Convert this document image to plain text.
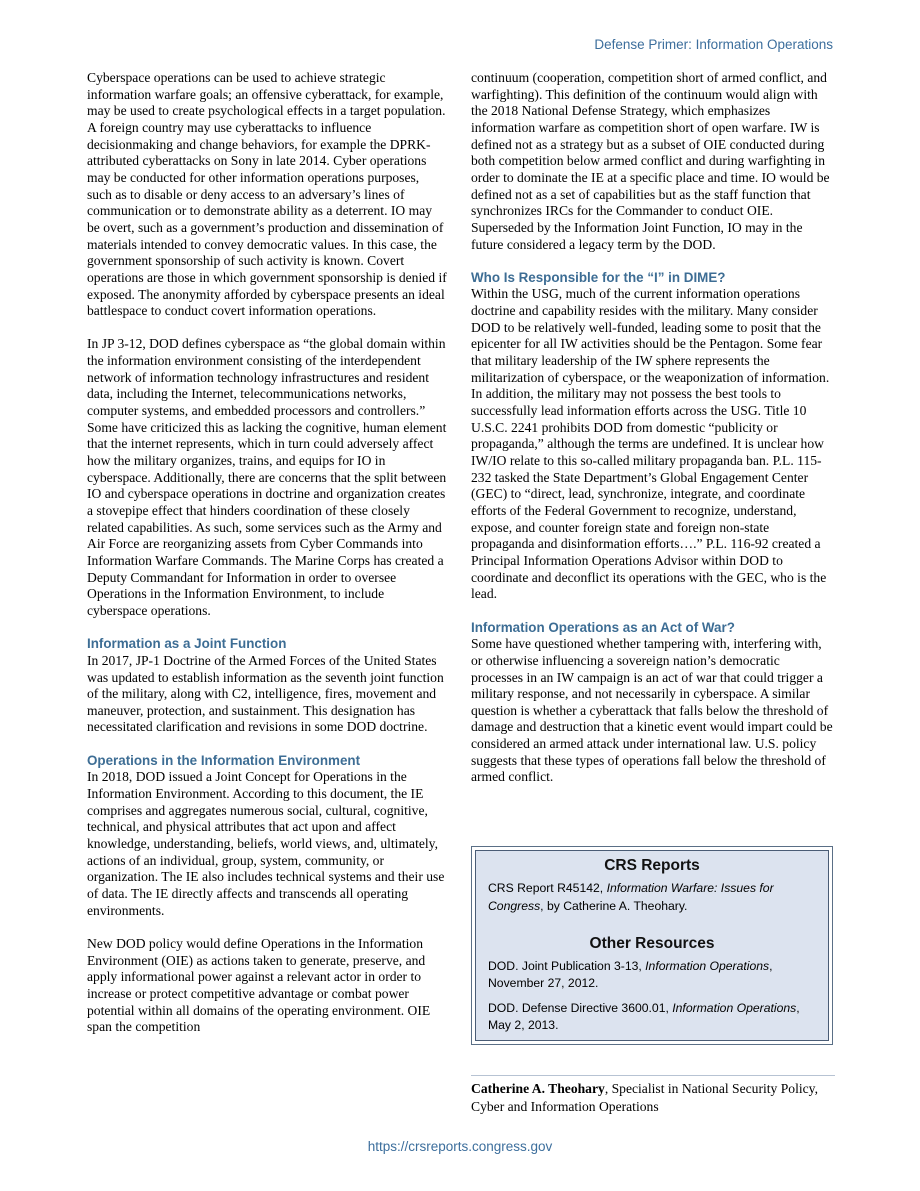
Defense Primer: Information Operations

Cyberspace operations can be used to achieve strategic information warfare goals; an offensive cyberattack, for example, may be used to create psychological effects in a target population. A foreign country may use cyberattacks to influence decisionmaking and change behaviors, for example the DPRK-attributed cyberattacks on Sony in late 2014. Cyber operations may be conducted for other information operations purposes, such as to disable or deny access to an adversary’s lines of communication or to demonstrate ability as a deterrent. IO may be overt, such as a government’s production and dissemination of materials intended to convey democratic values. In this case, the government sponsorship of such activity is known. Covert operations are those in which government sponsorship is denied if exposed. The anonymity afforded by cyberspace presents an ideal battlespace to conduct covert information operations.

In JP 3-12, DOD defines cyberspace as “the global domain within the information environment consisting of the interdependent network of information technology infrastructures and resident data, including the Internet, telecommunications networks, computer systems, and embedded processors and controllers.” Some have criticized this as lacking the cognitive, human element that the internet represents, which in turn could adversely affect how the military organizes, trains, and equips for IO in cyberspace. Additionally, there are concerns that the split between IO and cyberspace operations in doctrine and organization creates a stovepipe effect that hinders coordination of these closely related capabilities. As such, some services such as the Army and Air Force are reorganizing assets from Cyber Commands into Information Warfare Commands. The Marine Corps has created a Deputy Commandant for Information in order to oversee Operations in the Information Environment, to include cyberspace operations.

Information as a Joint Function

In 2017, JP-1 Doctrine of the Armed Forces of the United States was updated to establish information as the seventh joint function of the military, along with C2, intelligence, fires, movement and maneuver, protection, and sustainment. This designation has necessitated clarification and revisions in some DOD doctrine.

Operations in the Information Environment

In 2018, DOD issued a Joint Concept for Operations in the Information Environment. According to this document, the IE comprises and aggregates numerous social, cultural, cognitive, technical, and physical attributes that act upon and affect knowledge, understanding, beliefs, world views, and, ultimately, actions of an individual, group, system, community, or organization. The IE also includes technical systems and their use of data. The IE directly affects and transcends all operating environments.

New DOD policy would define Operations in the Information Environment (OIE) as actions taken to generate, preserve, and apply informational power against a relevant actor in order to increase or protect competitive advantage or combat power potential within all domains of the operating environment. OIE span the competition

continuum (cooperation, competition short of armed conflict, and warfighting). This definition of the continuum would align with the 2018 National Defense Strategy, which emphasizes information warfare as competition short of open warfare. IW is defined not as a strategy but as a subset of OIE conducted during both competition below armed conflict and during warfighting in order to dominate the IE at a specific place and time. IO would be defined not as a set of capabilities but as the staff function that synchronizes IRCs for the Commander to conduct OIE. Superseded by the Information Joint Function, IO may in the future considered a legacy term by the DOD.

Who Is Responsible for the “I” in DIME?

Within the USG, much of the current information operations doctrine and capability resides with the military. Many consider DOD to be relatively well-funded, leading some to posit that the epicenter for all IW activities should be the Pentagon. Some fear that military leadership of the IW sphere represents the militarization of cyberspace, or the weaponization of information. In addition, the military may not possess the best tools to successfully lead information efforts across the USG. Title 10 U.S.C. 2241 prohibits DOD from domestic “publicity or propaganda,” although the terms are undefined. It is unclear how IW/IO relate to this so-called military propaganda ban. P.L. 115-232 tasked the State Department’s Global Engagement Center (GEC) to “direct, lead, synchronize, integrate, and coordinate efforts of the Federal Government to recognize, understand, expose, and counter foreign state and foreign non-state propaganda and disinformation efforts….” P.L. 116-92 created a Principal Information Operations Advisor within DOD to coordinate and deconflict its operations with the GEC, who is the lead.

Information Operations as an Act of War?

Some have questioned whether tampering with, interfering with, or otherwise influencing a sovereign nation’s democratic processes in an IW campaign is an act of war that could trigger a military response, and not necessarily in cyberspace. A similar question is whether a cyberattack that falls below the threshold of damage and destruction that a kinetic event would impart could be considered an armed attack under international law. U.S. policy suggests that these types of operations fall below the threshold of armed conflict.

CRS Reports
CRS Report R45142, Information Warfare: Issues for Congress, by Catherine A. Theohary.
Other Resources
DOD. Joint Publication 3-13, Information Operations, November 27, 2012.
DOD. Defense Directive 3600.01, Information Operations, May 2, 2013.
Catherine A. Theohary, Specialist in National Security Policy, Cyber and Information Operations
https://crsreports.congress.gov
